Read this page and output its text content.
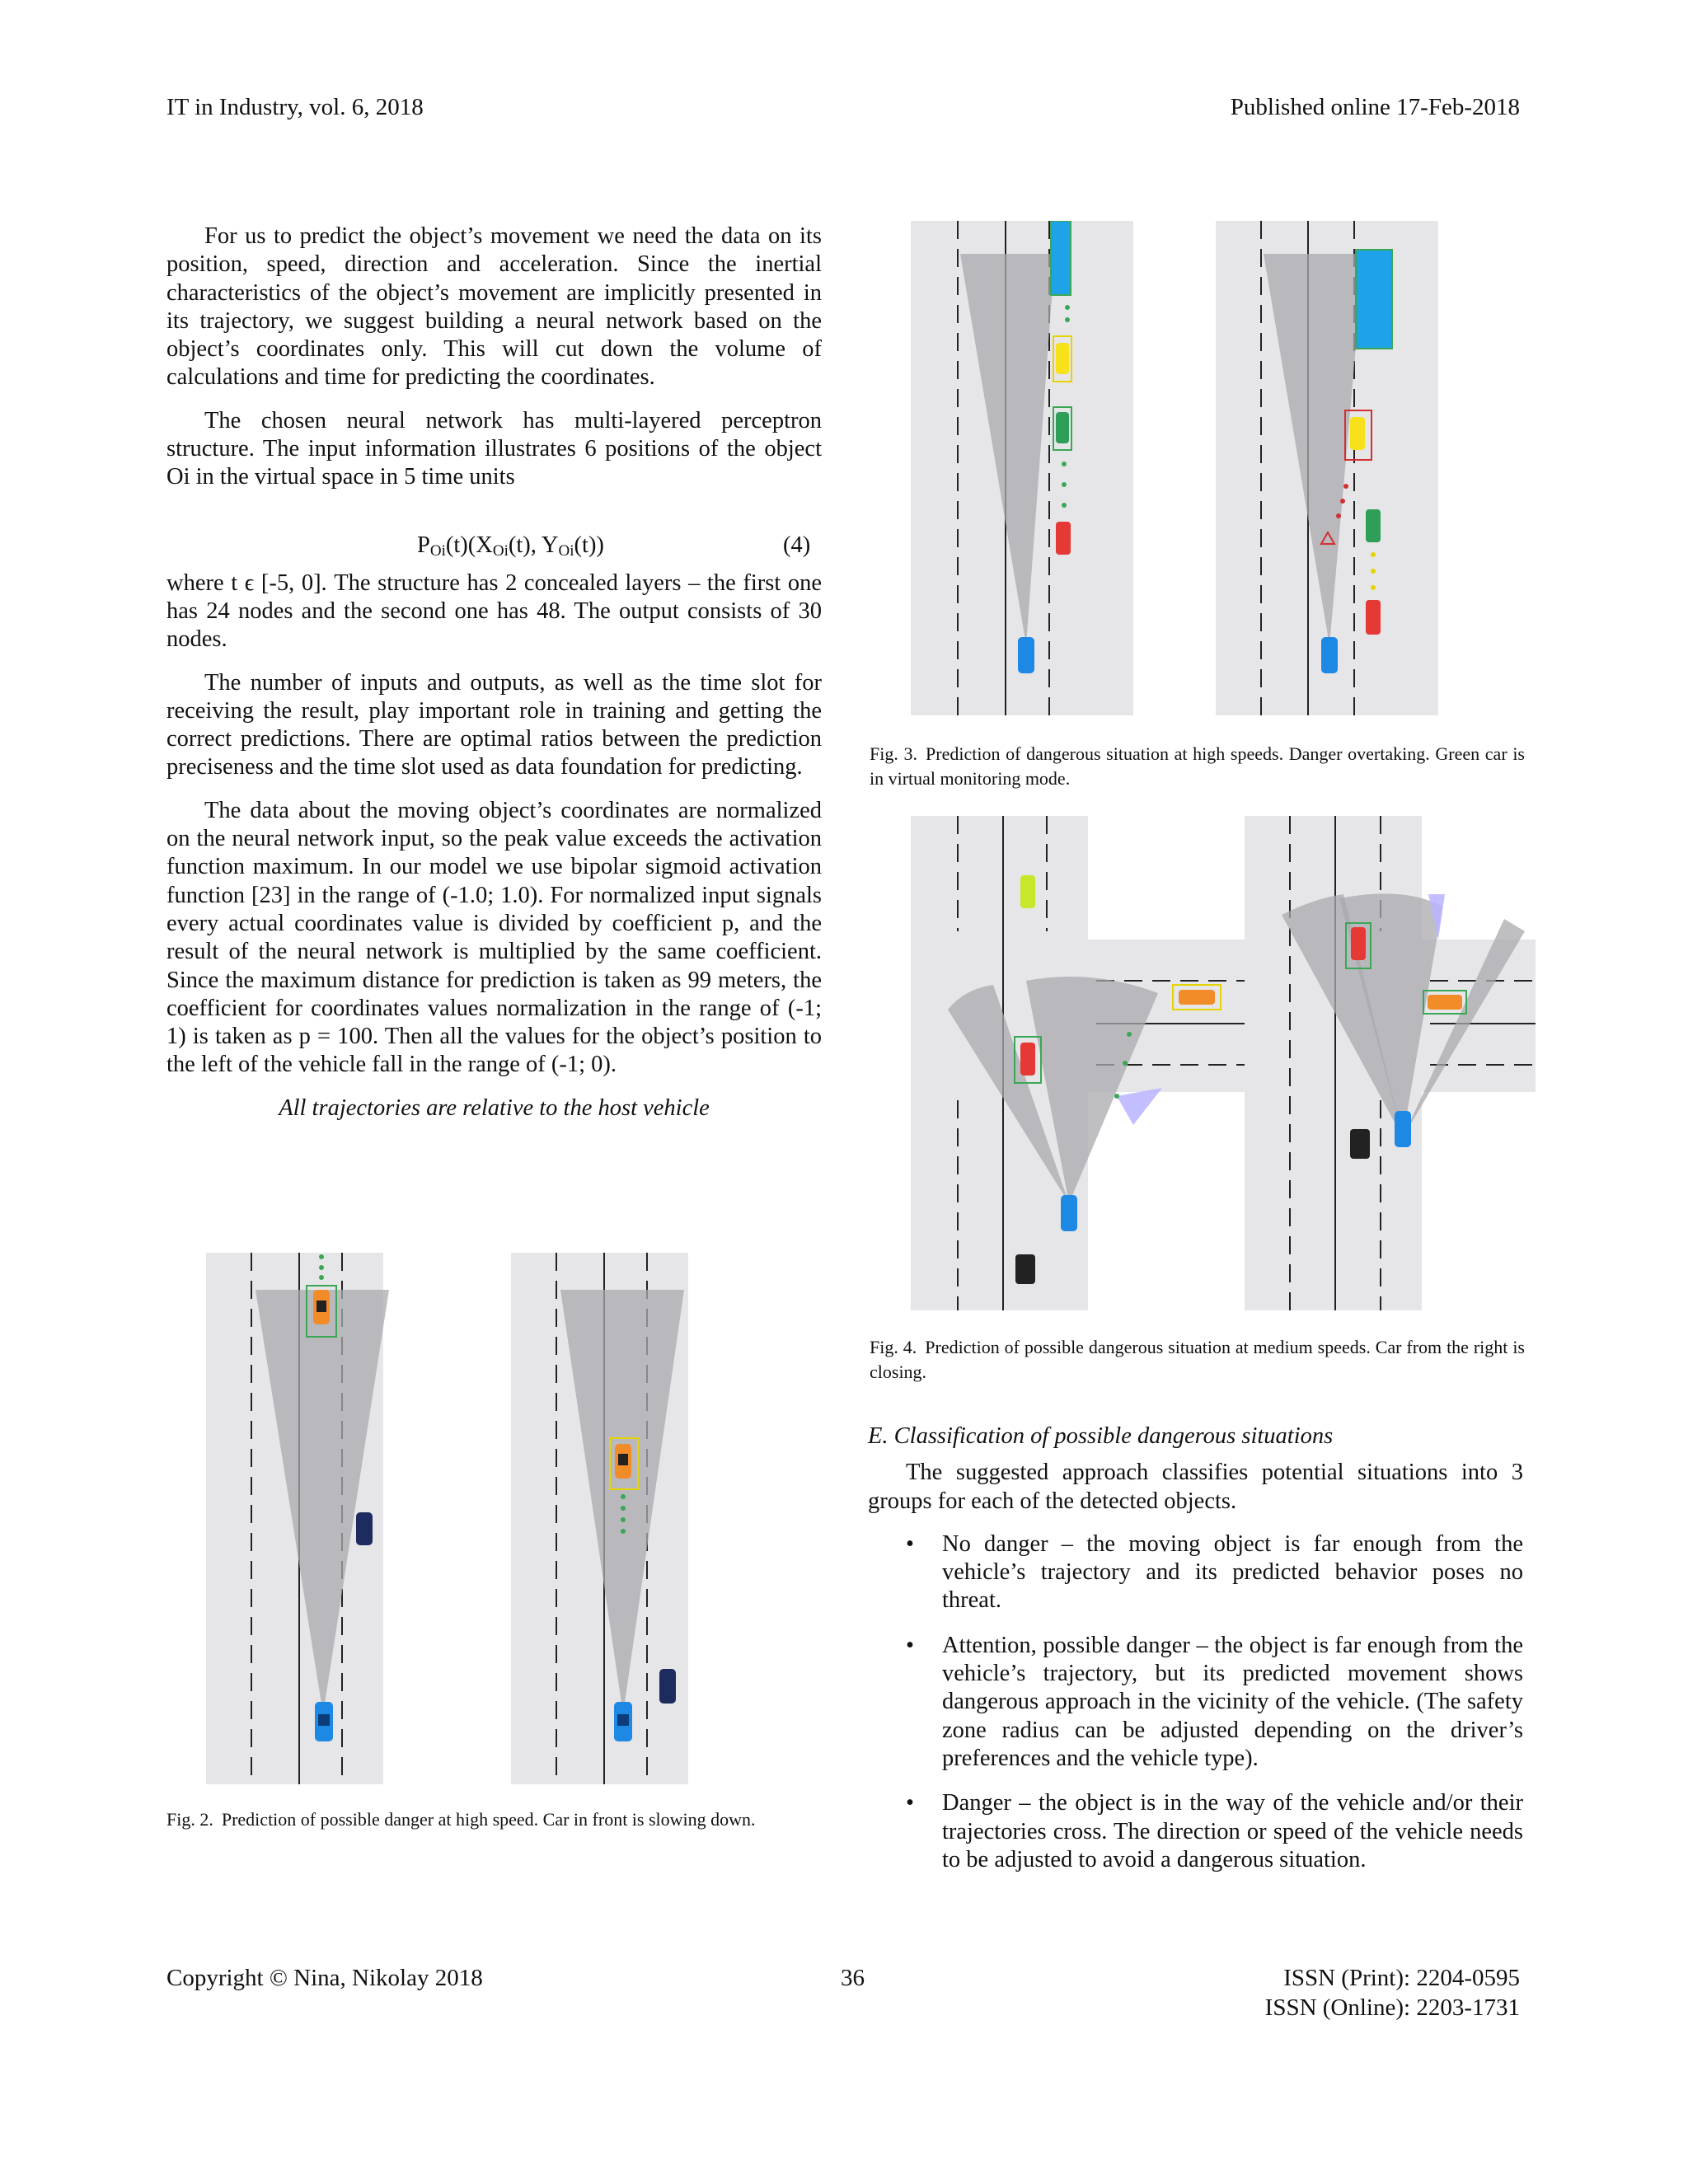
IT in Industry, vol. 6, 2018	Published online 17-Feb-2018

For us to predict the object’s movement we need the data on its position, speed, direction and acceleration. Since the inertial characteristics of the object’s movement are implicitly presented in its trajectory, we suggest building a neural network based on the object’s coordinates only. This will cut down the volume of calculations and time for predicting the coordinates.

The chosen neural network has multi-layered perceptron structure. The input information illustrates 6 positions of the object Oi in the virtual space in 5 time units

$P_{Oi}(t)(X_{Oi}(t)$, $Y_{Oi}(t)$)	(4)

where t ϵ [-5, 0]. The structure has 2 concealed layers – the first one has 24 nodes and the second one has 48. The output consists of 30 nodes.

The number of inputs and outputs, as well as the time slot for receiving the result, play important role in training and getting the correct predictions. There are optimal ratios between the prediction preciseness and the time slot used as data foundation for predicting.

The data about the moving object’s coordinates are normalized on the neural network input, so the peak value exceeds the activation function maximum. In our model we use bipolar sigmoid activation function [23] in the range of (-1.0; 1.0). For normalized input signals every actual coordinates value is divided by coefficient p, and the result of the neural network is multiplied by the same coefficient. Since the maximum distance for prediction is taken as 99 meters, the coefficient for coordinates values normalization in the range of (-1; 1) is taken as p = 100. Then all the values for the object’s position to the left of the vehicle fall in the range of (-1; 0).

All trajectories are relative to the host vehicle
Fig. 2. Prediction of possible danger at high speed. Car in front is slowing down.
Fig. 3. Prediction of dangerous situation at high speeds. Danger overtaking. Green car is in virtual monitoring mode.
Fig. 4. Prediction of possible dangerous situation at medium speeds. Car from the right is closing.
E. Classification of possible dangerous situations

The suggested approach classifies potential situations into 3 groups for each of the detected objects.

• No danger – the moving object is far enough from the vehicle’s trajectory and its predicted behavior poses no threat.
• Attention, possible danger – the object is far enough from the vehicle’s trajectory, but its predicted movement shows dangerous approach in the vicinity of the vehicle. (The safety zone radius can be adjusted depending on the driver’s preferences and the vehicle type).
• Danger – the object is in the way of the vehicle and/or their trajectories cross. The direction or speed of the vehicle needs to be adjusted to avoid a dangerous situation.
Copyright © Nina, Nikolay 2018	36	ISSN (Print): 2204-0595
ISSN (Online): 2203-1731
